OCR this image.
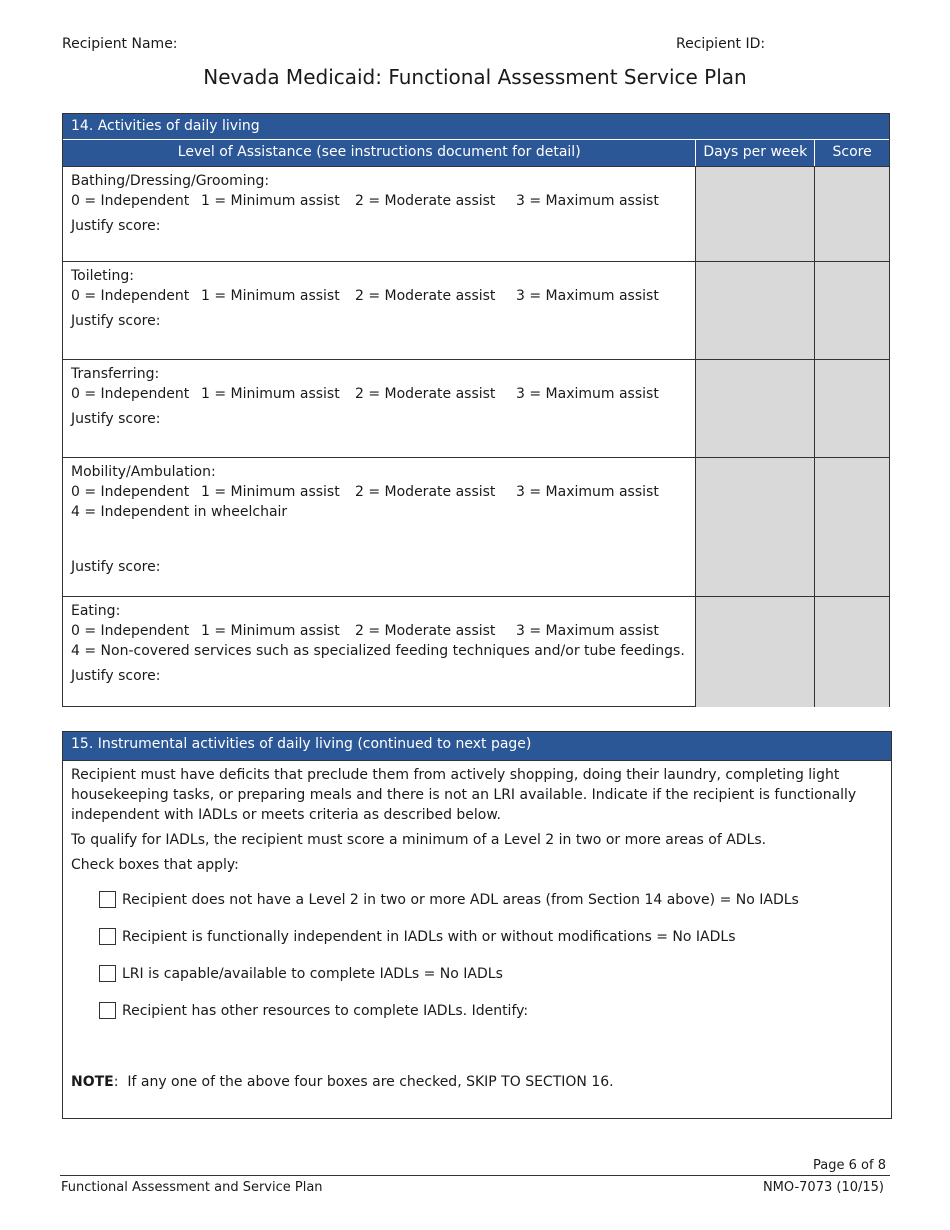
Recipient Name:	Recipient ID:
Nevada Medicaid: Functional Assessment Service Plan
14. Activities of daily living
Level of Assistance (see instructions document for detail)	Days per week	Score
Bathing/Dressing/Grooming:
0 = Independent 1 = Minimum assist 2 = Moderate assist 3 = Maximum assist
Justify score:
Toileting:
0 = Independent 1 = Minimum assist 2 = Moderate assist 3 = Maximum assist
Justify score:
Transferring:
0 = Independent 1 = Minimum assist 2 = Moderate assist 3 = Maximum assist
Justify score:
Mobility/Ambulation:
0 = Independent 1 = Minimum assist 2 = Moderate assist 3 = Maximum assist
4 = Independent in wheelchair
Justify score:
Eating:
0 = Independent 1 = Minimum assist 2 = Moderate assist 3 = Maximum assist
4 = Non-covered services such as specialized feeding techniques and/or tube feedings.
Justify score:
15. Instrumental activities of daily living (continued to next page)

Recipient must have deficits that preclude them from actively shopping, doing their laundry, completing light housekeeping tasks, or preparing meals and there is not an LRI available. Indicate if the recipient is functionally independent with IADLs or meets criteria as described below.

To qualify for IADLs, the recipient must score a minimum of a Level 2 in two or more areas of ADLs.

Check boxes that apply:

Recipient does not have a Level 2 in two or more ADL areas (from Section 14 above) = No IADLs
Recipient is functionally independent in IADLs with or without modifications = No IADLs
LRI is capable/available to complete IADLs = No IADLs
Recipient has other resources to complete IADLs. Identify:
NOTE:  If any one of the above four boxes are checked, SKIP TO SECTION 16.
Page 6 of 8
Functional Assessment and Service Plan	NMO-7073 (10/15)
